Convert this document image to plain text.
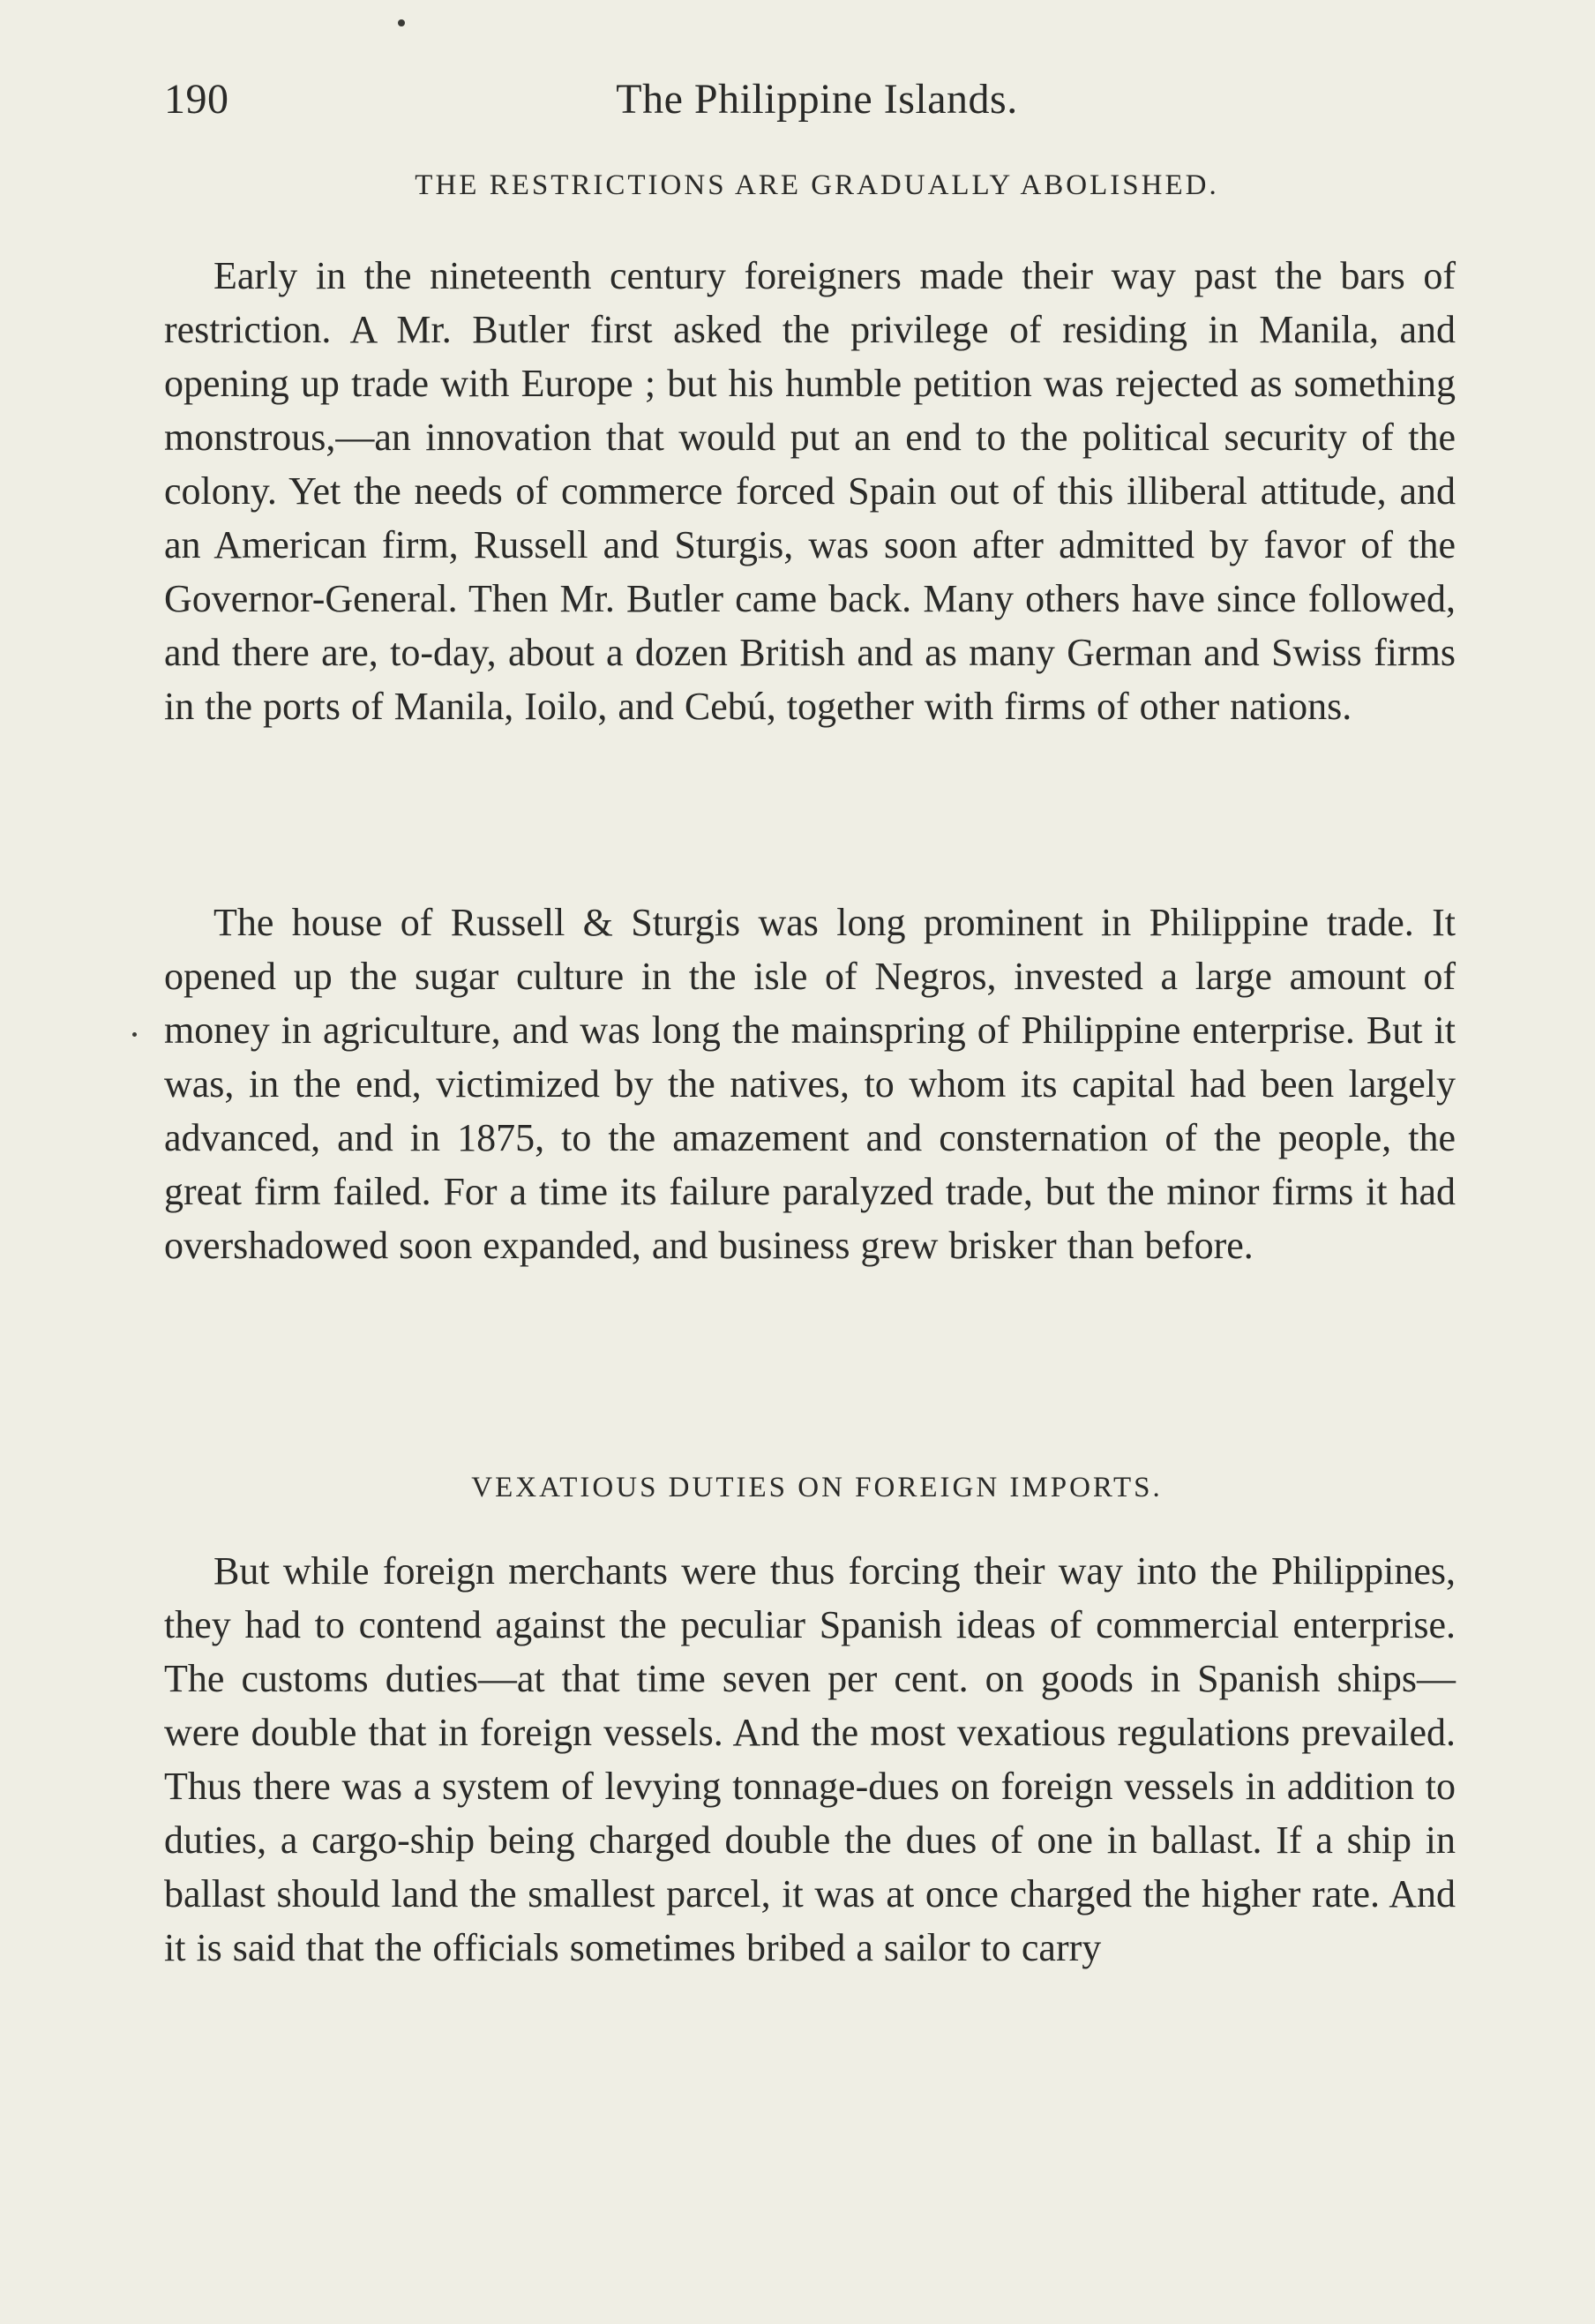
190	The Philippine Islands.
THE RESTRICTIONS ARE GRADUALLY ABOLISHED.

Early in the nineteenth century foreigners made their way past the bars of restriction. A Mr. Butler first asked the privilege of residing in Manila, and opening up trade with Europe ; but his humble petition was rejected as something monstrous,—an innovation that would put an end to the political security of the colony. Yet the needs of commerce forced Spain out of this illiberal attitude, and an American firm, Russell and Sturgis, was soon after admitted by favor of the Governor-General. Then Mr. Butler came back. Many others have since followed, and there are, to-day, about a dozen British and as many German and Swiss firms in the ports of Manila, Ioilo, and Cebú, together with firms of other nations.

The house of Russell & Sturgis was long prominent in Philippine trade. It opened up the sugar culture in the isle of Negros, invested a large amount of money in agriculture, and was long the mainspring of Philippine enterprise. But it was, in the end, victimized by the natives, to whom its capital had been largely advanced, and in 1875, to the amazement and consternation of the people, the great firm failed. For a time its failure paralyzed trade, but the minor firms it had overshadowed soon expanded, and business grew brisker than before.

VEXATIOUS DUTIES ON FOREIGN IMPORTS.

But while foreign merchants were thus forcing their way into the Philippines, they had to contend against the peculiar Spanish ideas of commercial enterprise. The customs duties—at that time seven per cent. on goods in Spanish ships—were double that in foreign vessels. And the most vexatious regulations prevailed. Thus there was a system of levying tonnage-dues on foreign vessels in addition to duties, a cargo-ship being charged double the dues of one in ballast. If a ship in ballast should land the smallest parcel, it was at once charged the higher rate. And it is said that the officials sometimes bribed a sailor to carry
